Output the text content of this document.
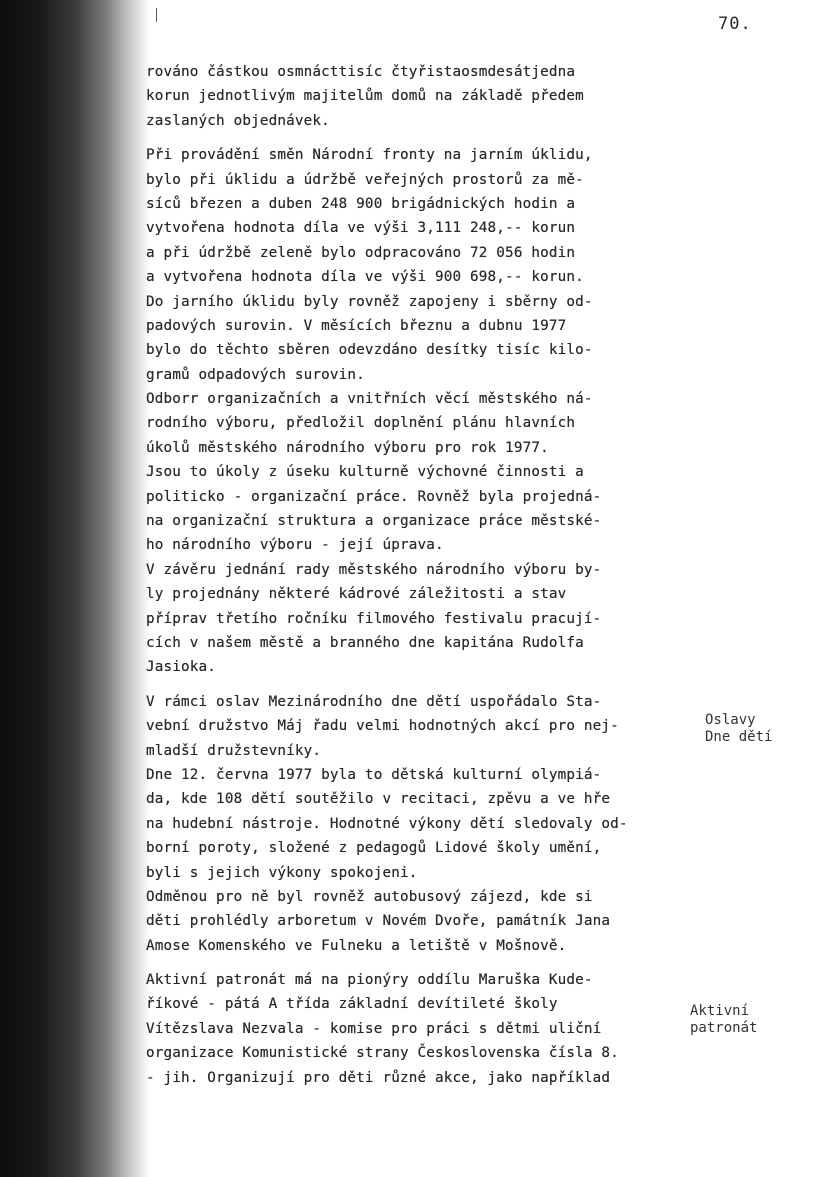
70.
rováno částkou osmnácttisíc čtyřistaosmdesátjedna
korun jednotlivým majitelům domů na základě předem
zaslaných objednávek.
Při provádění směn Národní fronty na jarním úklidu,
bylo při úklidu a údržbě veřejných prostorů za mě-
síců březen a duben 248 900 brigádnických hodin a
vytvořena hodnota díla ve výši 3,111 248,-- korun
a při údržbě zeleně bylo odpracováno 72 056 hodin
a vytvořena hodnota díla ve výši 900 698,-- korun.
Do jarního úklidu byly rovněž zapojeny i sběrny od-
padových surovin. V měsících březnu a dubnu 1977
bylo do těchto sběren odevzdáno desítky tisíc kilo-
gramů odpadových surovin.
Odborr organizačních a vnitřních věcí městského ná-
rodního výboru, předložil doplnění plánu hlavních
úkolů městského národního výboru pro rok 1977.
Jsou to úkoly z úseku kulturně výchovné činnosti a
politicko - organizační práce. Rovněž byla projedná-
na organizační struktura a organizace práce městské-
ho národního výboru - její úprava.
V závěru jednání rady městského národního výboru by-
ly projednány některé kádrové záležitosti a stav
příprav třetího ročníku filmového festivalu pracují-
cích v našem městě a branného dne kapitána Rudolfa
Jasioka.
V rámci oslav Mezinárodního dne dětí uspořádalo Sta-
vební družstvo Máj řadu velmi hodnotných akcí pro nej-
mladší družstevníky.
Dne 12. června 1977 byla to dětská kulturní olympiá-
da, kde 108 dětí soutěžilo v recitaci, zpěvu a ve hře
na hudební nástroje. Hodnotné výkony dětí sledovaly od-
borní poroty, složené z pedagogů Lidové školy umění,
byli s jejich výkony spokojeni.
Odměnou pro ně byl rovněž autobusový zájezd, kde si
děti prohlédly arboretum v Novém Dvoře, památník Jana
Amose Komenského ve Fulneku a letiště v Mošnově.
Aktivní patronát má na pionýry oddílu Maruška Kude-
říkové - pátá A třída základní devítileté školy
Vítězslava Nezvala - komise pro práci s dětmi uliční
organizace Komunistické strany Československa čísla 8.
- jih. Organizují pro děti různé akce, jako například
Oslavy
Dne dětí
Aktivní
patronát
